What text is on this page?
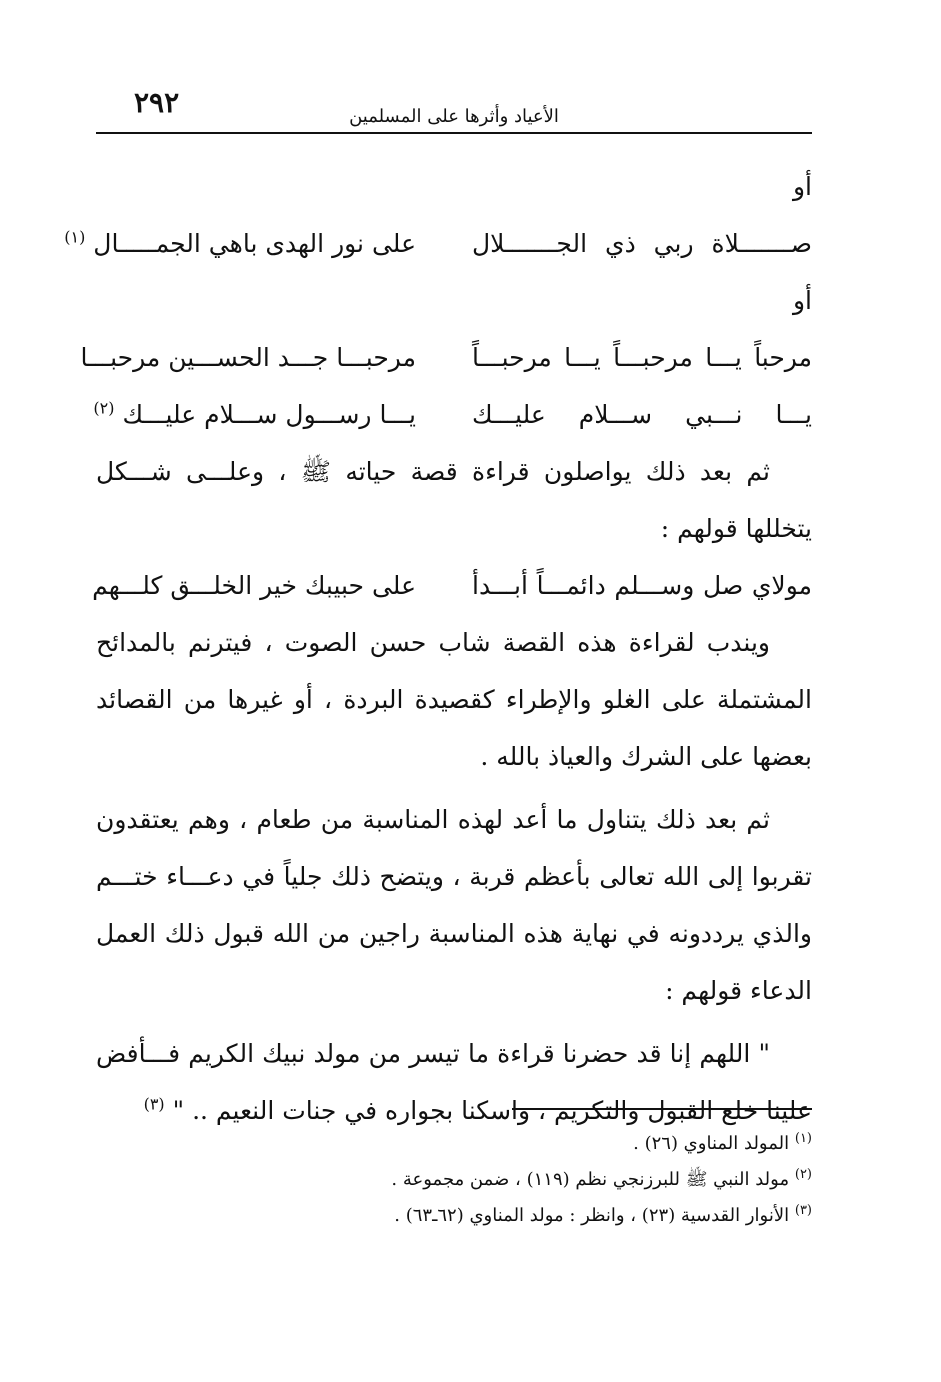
٢٩٢	الأعياد وأثرها على المسلمين
أو
صـــــــلاة ربي ذي الجـــــــلال
على نور الهدى باهي الجمـــــال $^{(١)}$
أو
مرحباً يـــا مرحبـــاً يـــا مرحبـــاً
مرحبـــا جـــد الحســـين مرحبـــا
يـــا نـــبي ســـلام عليـــك
يـــا رســـول ســـلام عليـــك $^{(٢)}$
ثم بعد ذلك يواصلون قراءة قصة حياته ﷺ ، وعلـــى شـــكل
يتخللها قولهم :
مولاي صل وســـلم دائمـــاً أبـــدأ
على حبيبك خير الخلـــق كلـــهم
ويندب لقراءة هذه القصة شاب حسن الصوت ، فيترنم بالمدائح
المشتملة على الغلو والإطراء كقصيدة البردة ، أو غيرها من القصائد
بعضها على الشرك والعياذ بالله .
ثم بعد ذلك يتناول ما أعد لهذه المناسبة من طعام ، وهم يعتقدون
تقربوا إلى الله تعالى بأعظم قربة ، ويتضح ذلك جلياً في دعـــاء ختـــم
والذي يرددونه في نهاية هذه المناسبة راجين من الله قبول ذلك العمل
الدعاء قولهم :
" اللهم إنا قد حضرنا قراءة ما تيسر من مولد نبيك الكريم فـــأفض
علينا خلع القبول والتكريم ، واسكنا بجواره في جنات النعيم .. " $^{(٣)}$
$^{(١)}$ المولد المناوي (٢٦) .
$^{(٢)}$ مولد النبي ﷺ للبرزنجي نظم (١١٩) ، ضمن مجموعة .
$^{(٣)}$ الأنوار القدسية (٢٣) ، وانظر : مولد المناوي (٦٢ـ٦٣) .
